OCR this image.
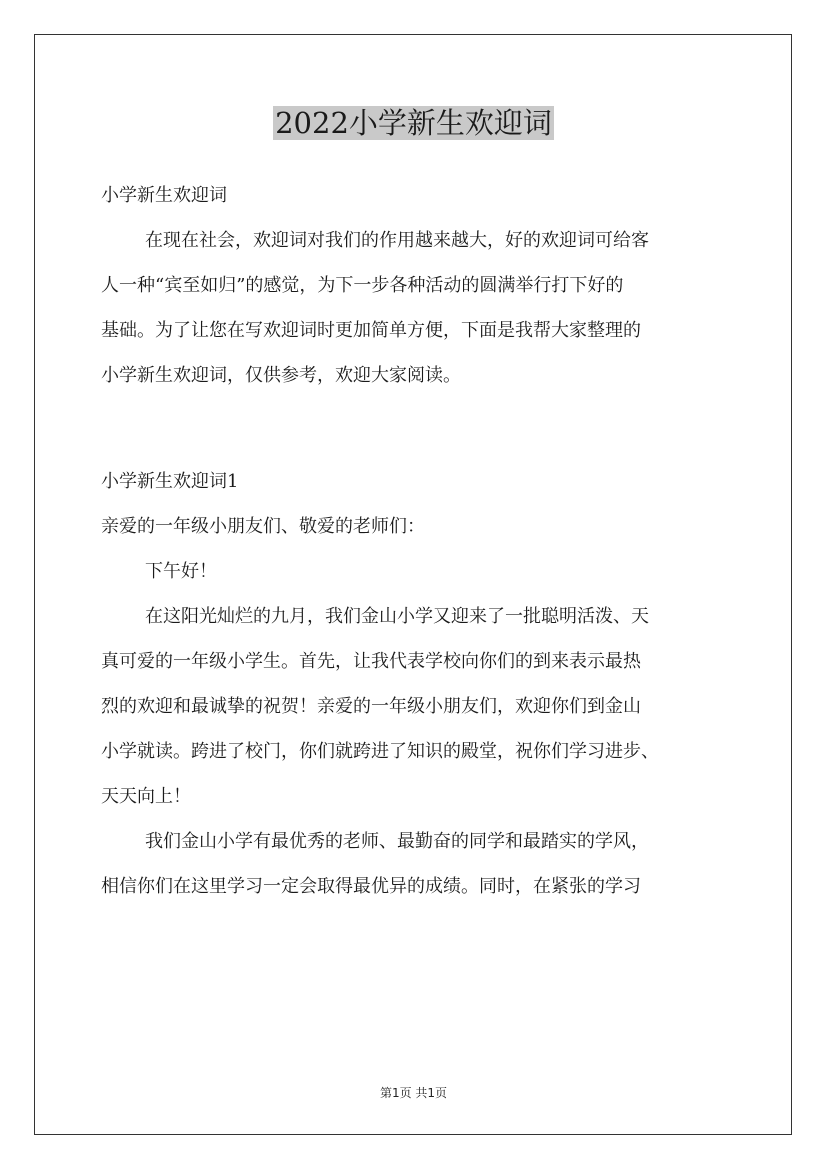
2022小学新生欢迎词
小学新生欢迎词
在现在社会，欢迎词对我们的作用越来越大，好的欢迎词可给客
人一种“宾至如归”的感觉，为下一步各种活动的圆满举行打下好的
基础。为了让您在写欢迎词时更加简单方便，下面是我帮大家整理的
小学新生欢迎词，仅供参考，欢迎大家阅读。
小学新生欢迎词1
亲爱的一年级小朋友们、敬爱的老师们：
下午好！
在这阳光灿烂的九月，我们金山小学又迎来了一批聪明活泼、天
真可爱的一年级小学生。首先，让我代表学校向你们的到来表示最热
烈的欢迎和最诚挚的祝贺！亲爱的一年级小朋友们，欢迎你们到金山
小学就读。跨进了校门，你们就跨进了知识的殿堂，祝你们学习进步、
天天向上！
我们金山小学有最优秀的老师、最勤奋的同学和最踏实的学风，
相信你们在这里学习一定会取得最优异的成绩。同时，在紧张的学习
第1页 共1页
